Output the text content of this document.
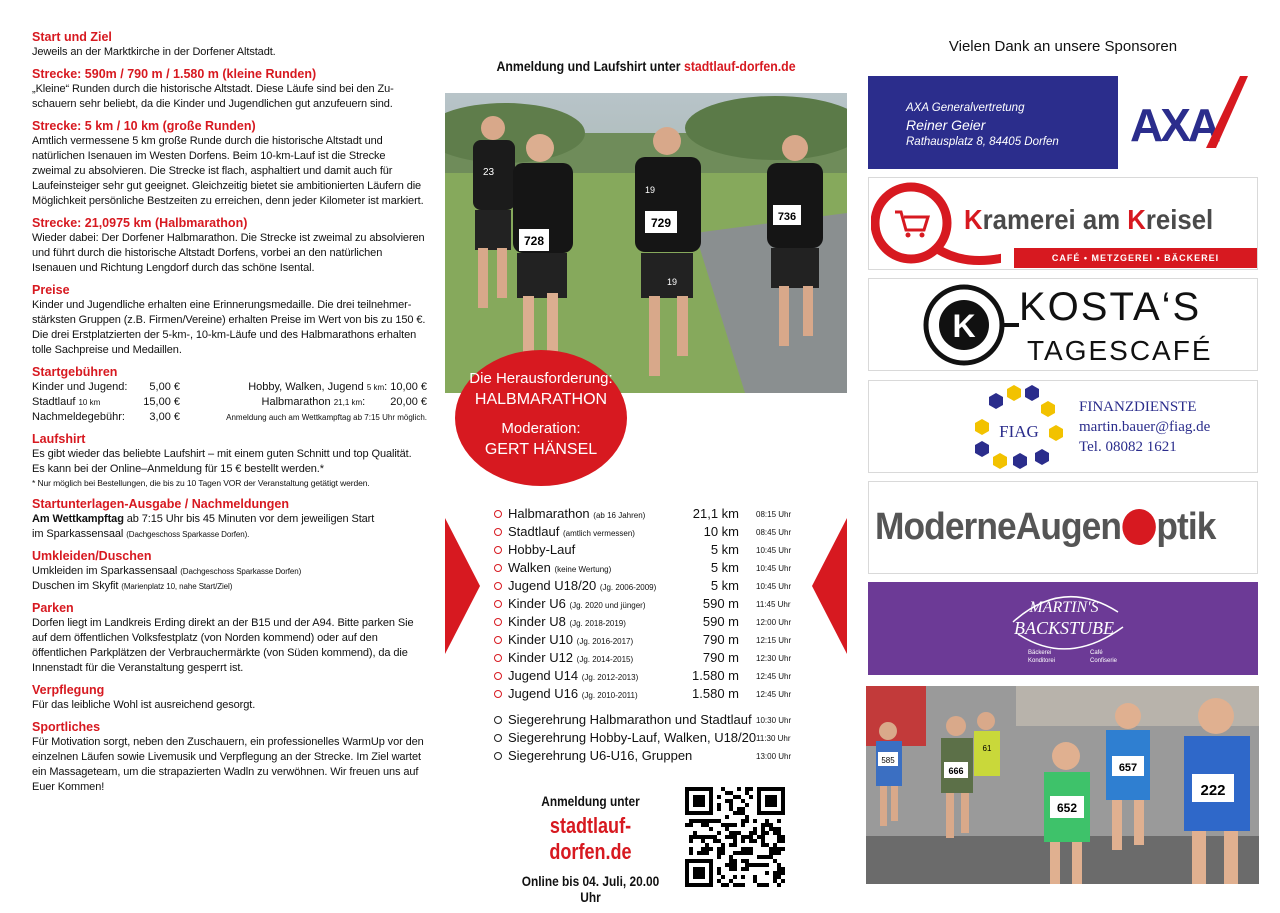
Start und Ziel

Jeweils an der Marktkirche in der Dorfener Altstadt.

Strecke: 590m / 790 m / 1.580 m (kleine Runden)

„Kleine“ Runden durch die historische Altstadt. Diese Läufe sind bei den Zu-schauern sehr beliebt, da die Kinder und Jugendlichen gut anzufeuern sind.

Strecke: 5 km / 10 km (große Runden)

Amtlich vermessene 5 km große Runde durch die historische Altstadt und natürlichen Isenauen im Westen Dorfens. Beim 10-km-Lauf ist die Strecke zweimal zu absolvieren. Die Strecke ist flach, asphaltiert und damit auch für Laufeinsteiger sehr gut geeignet. Gleichzeitig bietet sie ambitionierten Läufern die Möglichkeit persönliche Bestzeiten zu erreichen, denn jeder Kilometer ist markiert.

Strecke: 21,0975 km (Halbmarathon)

Wieder dabei: Der Dorfener Halbmarathon. Die Strecke ist zweimal zu absolvieren und führt durch die historische Altstadt Dorfens, vorbei an den natürlichen Isenauen und Richtung Lengdorf durch das schöne Isental.

Preise

Kinder und Jugendliche erhalten eine Erinnerungsmedaille. Die drei teilnehmer-stärksten Gruppen (z.B. Firmen/Vereine) erhalten Preise im Wert von bis zu 150 €. Die drei Erstplatzierten der 5-km-, 10-km-Läufe und des Halbmarathons erhalten tolle Sachpreise und Medaillen.

Startgebühren
Kinder und Jugend:	5,00 €	Hobby, Walken, Jugend 5 km: 10,00 €
Stadtlauf 10 km	15,00 €	Halbmarathon 21,1 km: 20,00 €
Nachmeldegebühr:	3,00 €	Anmeldung auch am Wettkampftag ab 7:15 Uhr möglich.
Laufshirt

Es gibt wieder das beliebte Laufshirt – mit einem guten Schnitt und top Qualität. Es kann bei der Online–Anmeldung für 15 € bestellt werden.*

* Nur möglich bei Bestellungen, die bis zu 10 Tagen VOR der Veranstaltung getätigt werden.

Startunterlagen-Ausgabe / Nachmeldungen

Am Wettkampftag ab 7:15 Uhr bis 45 Minuten vor dem jeweiligen Start

im Sparkassensaal (Dachgeschoss Sparkasse Dorfen).

Umkleiden/Duschen

Umkleiden im Sparkassensaal (Dachgeschoss Sparkasse Dorfen)

Duschen im Skyfit (Marienplatz 10, nahe Start/Ziel)

Parken

Dorfen liegt im Landkreis Erding direkt an der B15 und der A94. Bitte parken Sie auf dem öffentlichen Volksfestplatz (von Norden kommend) oder auf den öffentlichen Parkplätzen der Verbrauchermärkte (von Süden kommend), da die Innenstadt für die Veranstaltung gesperrt ist.

Verpflegung

Für das leibliche Wohl ist ausreichend gesorgt.

Sportliches

Für Motivation sorgt, neben den Zuschauern, ein professionelles WarmUp vor den einzelnen Läufen sowie Livemusik und Verpflegung an der Strecke. Im Ziel wartet ein Massageteam, um die strapazierten Wadln zu verwöhnen. Wir freuen uns auf Euer Kommen!

Anmeldung und Laufshirt unter stadtlauf-dorfen.de
728
729	736
23
19
19
Die Herausforderung:
HALBMARATHON
Moderation:
GERT HÄNSEL
Halbmarathon (ab 16 Jahren)	21,1 km 08:15 Uhr
Stadtlauf (amtlich vermessen)	10 km 08:45 Uhr
Hobby-Lauf	5 km 10:45 Uhr
Walken (keine Wertung)	5 km 10:45 Uhr
Jugend U18/20 (Jg. 2006-2009)	5 km 10:45 Uhr
Kinder U6 (Jg. 2020 und jünger)	590 m 11:45 Uhr
Kinder U8 (Jg. 2018-2019)	590 m 12:00 Uhr
Kinder U10 (Jg. 2016-2017)	790 m 12:15 Uhr
Kinder U12 (Jg. 2014-2015)	790 m 12:30 Uhr
Jugend U14 (Jg. 2012-2013)	1.580 m 12:45 Uhr
Jugend U16 (Jg. 2010-2011)	1.580 m 12:45 Uhr
Siegerehrung Halbmarathon und Stadtlauf 10:30 Uhr
Siegerehrung Hobby-Lauf, Walken, U18/20 11:30 Uhr
Siegerehrung U6-U16, Gruppen	13:00 Uhr
Anmeldung unter
stadtlauf-dorfen.de
Online bis 04. Juli, 20.00 Uhr
Vielen Dank an unsere Sponsoren
AXA Generalvertretung
Reiner Geier
Rathausplatz 8, 84405 Dorfen AXA
Kramerei am Kreisel
CAFÉ • METZGEREI • BÄCKEREI
K KOSTA‘S
TAGESCAFÉ
FIAG
FINANZDIENSTE
martin.bauer@fiag.de
Tel. 08082 1621
ModerneAugen ptik
MARTIN'S
BACKSTUBE
Bäckerei
Konditorei
Café
Confiserie
585
666
61
652
657
222
